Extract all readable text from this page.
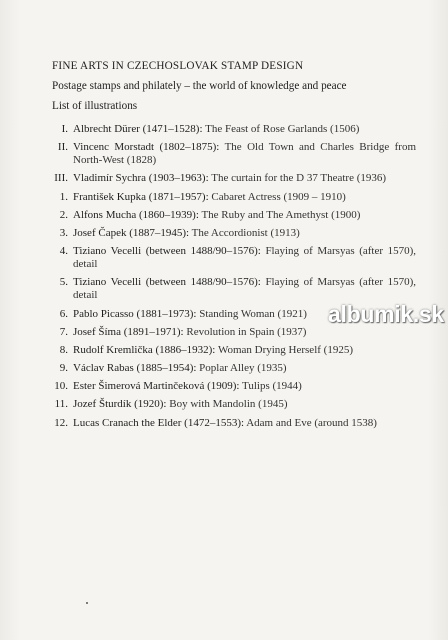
FINE ARTS IN CZECHOSLOVAK STAMP DESIGN
Postage stamps and philately – the world of knowledge and peace
List of illustrations
I. Albrecht Dürer (1471–1528): The Feast of Rose Garlands (1506)
II. Vincenc Morstadt (1802–1875): The Old Town and Charles Bridge from North-West (1828)
III. Vladimír Sychra (1903–1963): The curtain for the D 37 Theatre (1936)
1. František Kupka (1871–1957): Cabaret Actress (1909 – 1910)
2. Alfons Mucha (1860–1939): The Ruby and The Amethyst (1900)
3. Josef Čapek (1887–1945): The Accordionist (1913)
4. Tiziano Vecelli (between 1488/90–1576): Flaying of Marsyas (after 1570), detail
5. Tiziano Vecelli (between 1488/90–1576): Flaying of Marsyas (after 1570), detail
6. Pablo Picasso (1881–1973): Standing Woman (1921)
7. Josef Šíma (1891–1971): Revolution in Spain (1937)
8. Rudolf Kremlička (1886–1932): Woman Drying Herself (1925)
9. Václav Rabas (1885–1954): Poplar Alley (1935)
10. Ester Šimerová Martinčeková (1909): Tulips (1944)
11. Jozef Šturdík (1920): Boy with Mandolin (1945)
12. Lucas Cranach the Elder (1472–1553): Adam and Eve (around 1538)
albumik.sk
